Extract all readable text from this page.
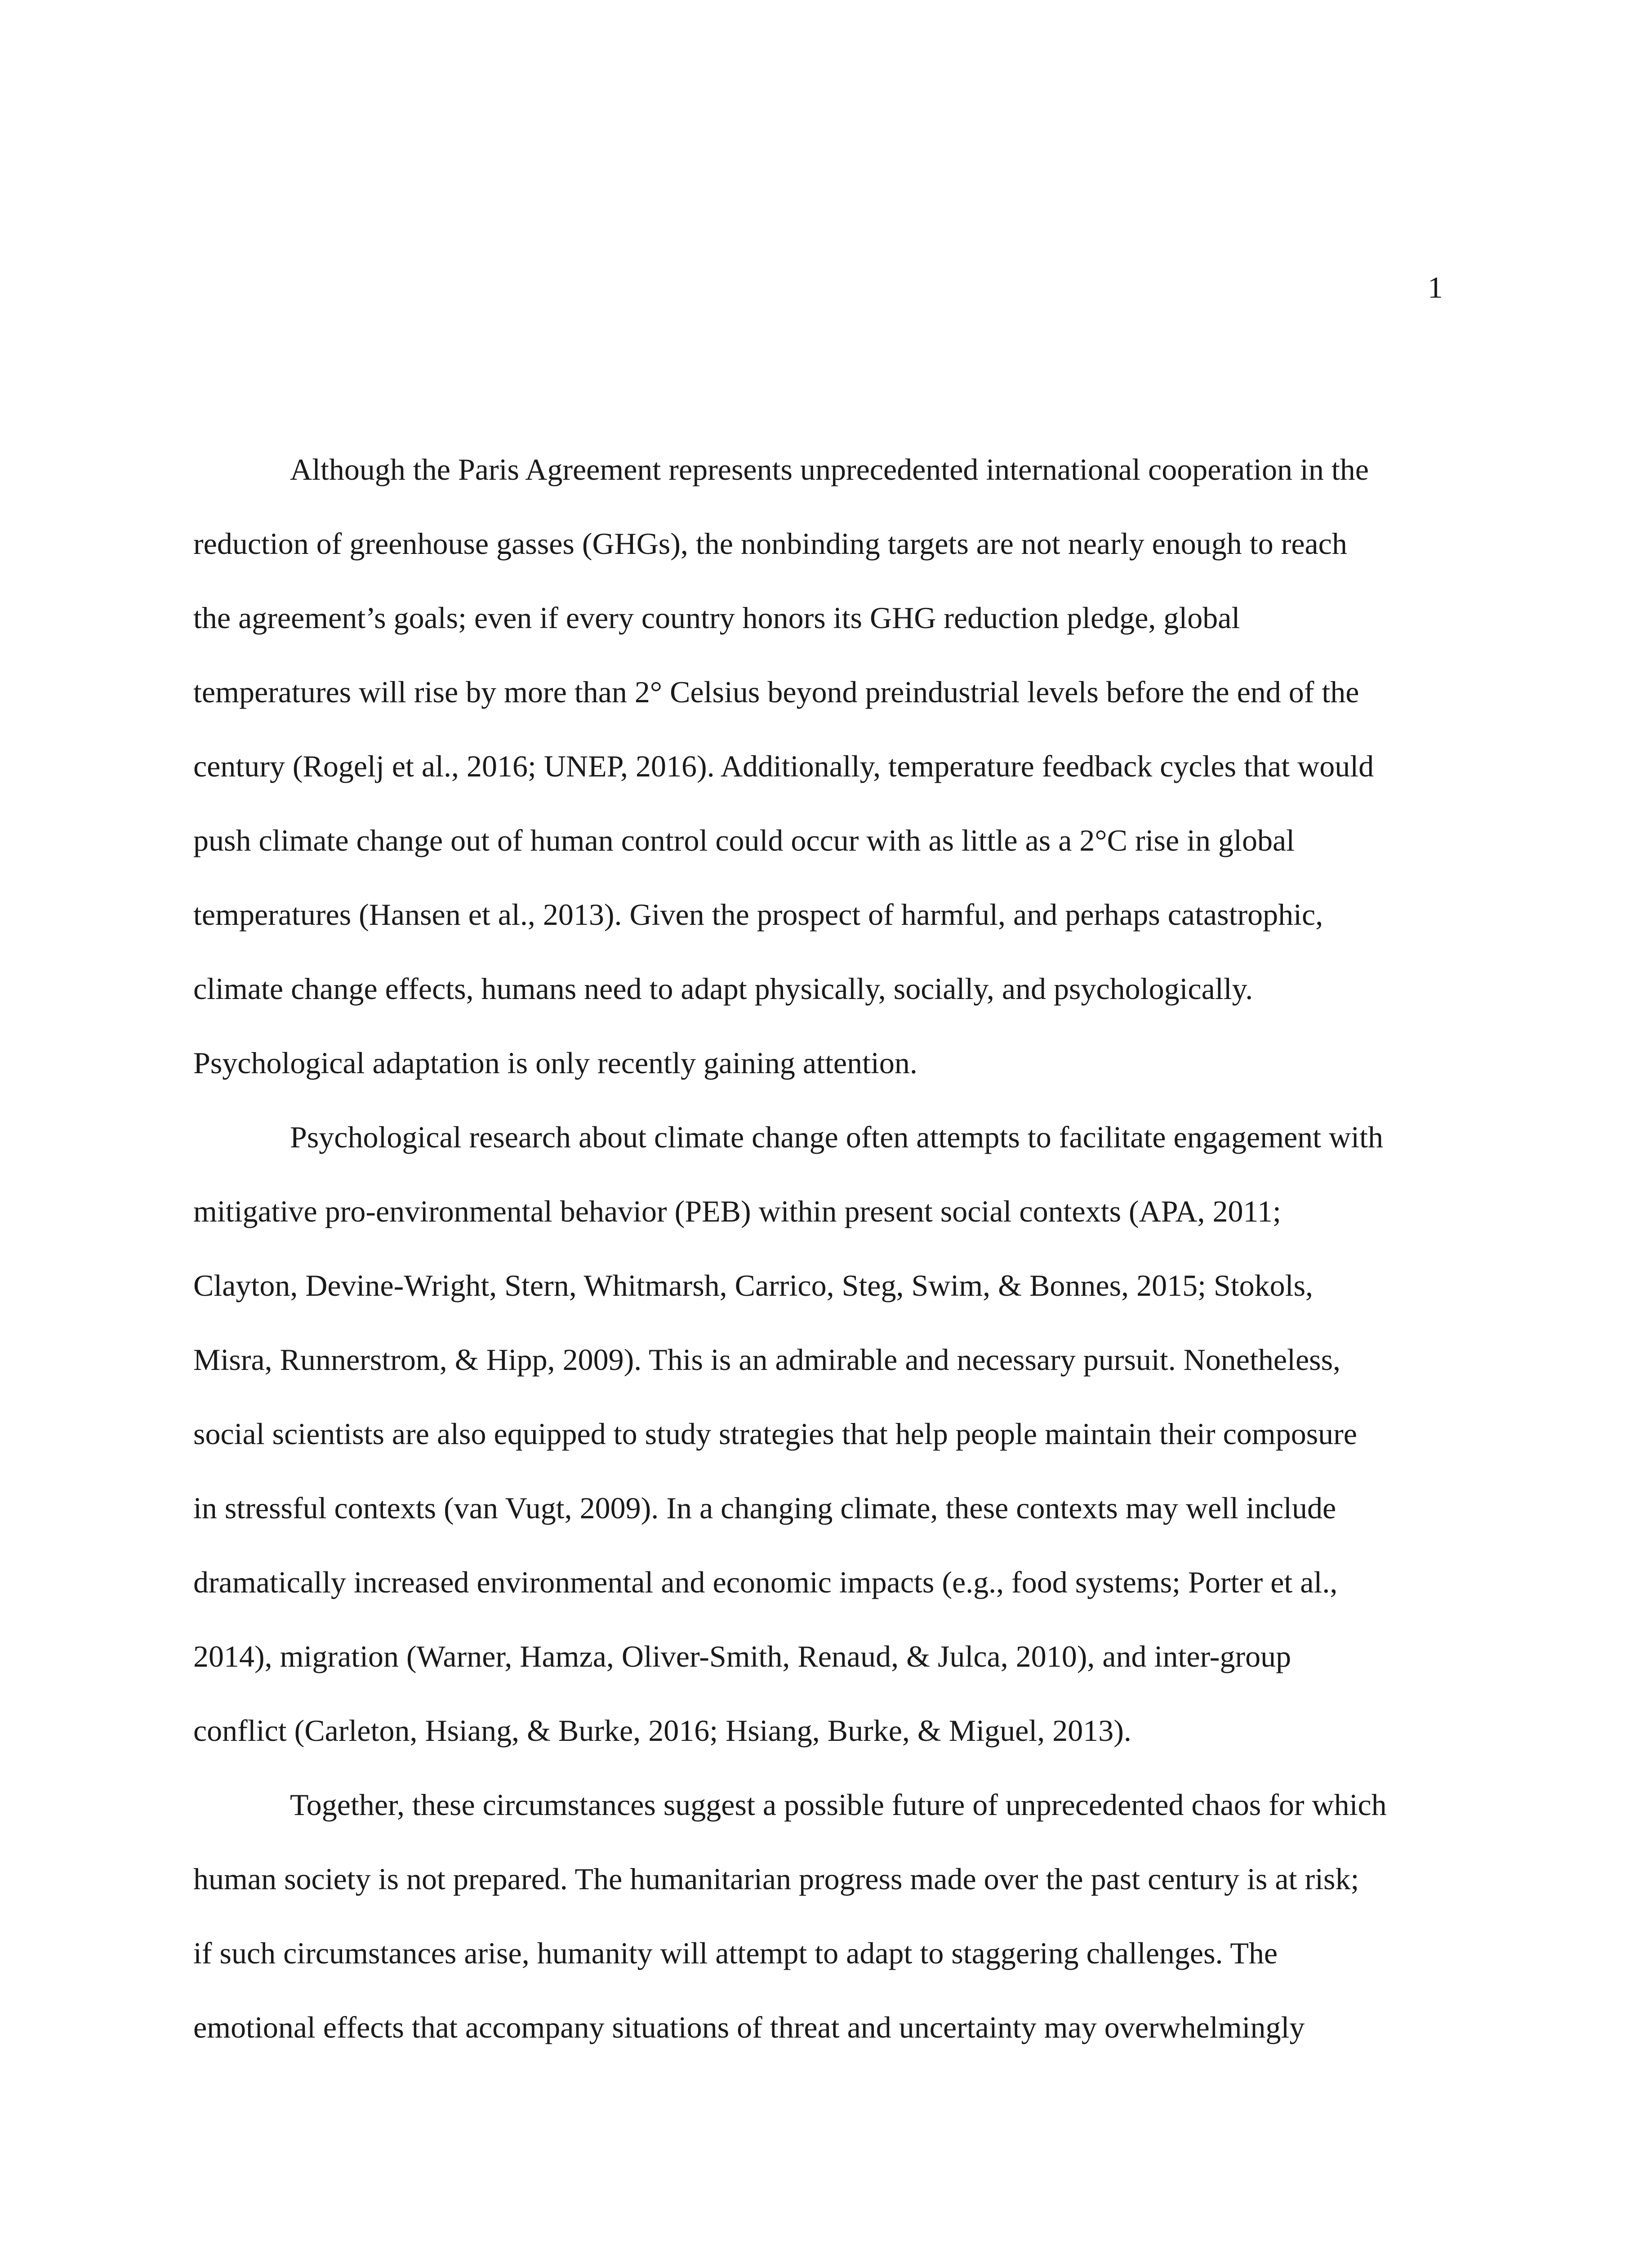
1
Although the Paris Agreement represents unprecedented international cooperation in the
reduction of greenhouse gasses (GHGs), the nonbinding targets are not nearly enough to reach
the agreement’s goals; even if every country honors its GHG reduction pledge, global
temperatures will rise by more than 2° Celsius beyond preindustrial levels before the end of the
century (Rogelj et al., 2016; UNEP, 2016). Additionally, temperature feedback cycles that would
push climate change out of human control could occur with as little as a 2°C rise in global
temperatures (Hansen et al., 2013). Given the prospect of harmful, and perhaps catastrophic,
climate change effects, humans need to adapt physically, socially, and psychologically.
Psychological adaptation is only recently gaining attention.
Psychological research about climate change often attempts to facilitate engagement with
mitigative pro-environmental behavior (PEB) within present social contexts (APA, 2011;
Clayton, Devine-Wright, Stern, Whitmarsh, Carrico, Steg, Swim, & Bonnes, 2015; Stokols,
Misra, Runnerstrom, & Hipp, 2009). This is an admirable and necessary pursuit. Nonetheless,
social scientists are also equipped to study strategies that help people maintain their composure
in stressful contexts (van Vugt, 2009). In a changing climate, these contexts may well include
dramatically increased environmental and economic impacts (e.g., food systems; Porter et al.,
2014), migration (Warner, Hamza, Oliver-Smith, Renaud, & Julca, 2010), and inter-group
conflict (Carleton, Hsiang, & Burke, 2016; Hsiang, Burke, & Miguel, 2013).
Together, these circumstances suggest a possible future of unprecedented chaos for which
human society is not prepared. The humanitarian progress made over the past century is at risk;
if such circumstances arise, humanity will attempt to adapt to staggering challenges. The
emotional effects that accompany situations of threat and uncertainty may overwhelmingly
